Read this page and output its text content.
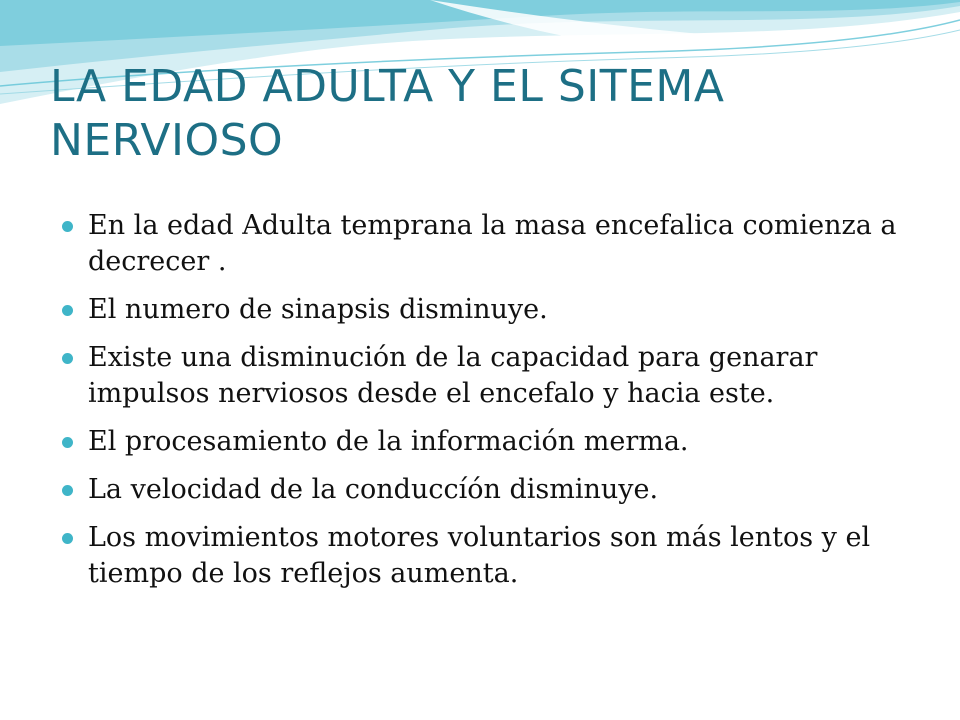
LA EDAD ADULTA Y EL SITEMA NERVIOSO
En la edad Adulta temprana la masa encefalica comienza a decrecer .
El numero de sinapsis disminuye.
Existe una disminución de la capacidad para genarar impulsos nerviosos desde el encefalo y hacia este.
El procesamiento de la información merma.
La velocidad de la conduccíón disminuye.
Los movimientos motores voluntarios son más lentos y el tiempo de los reflejos aumenta.
